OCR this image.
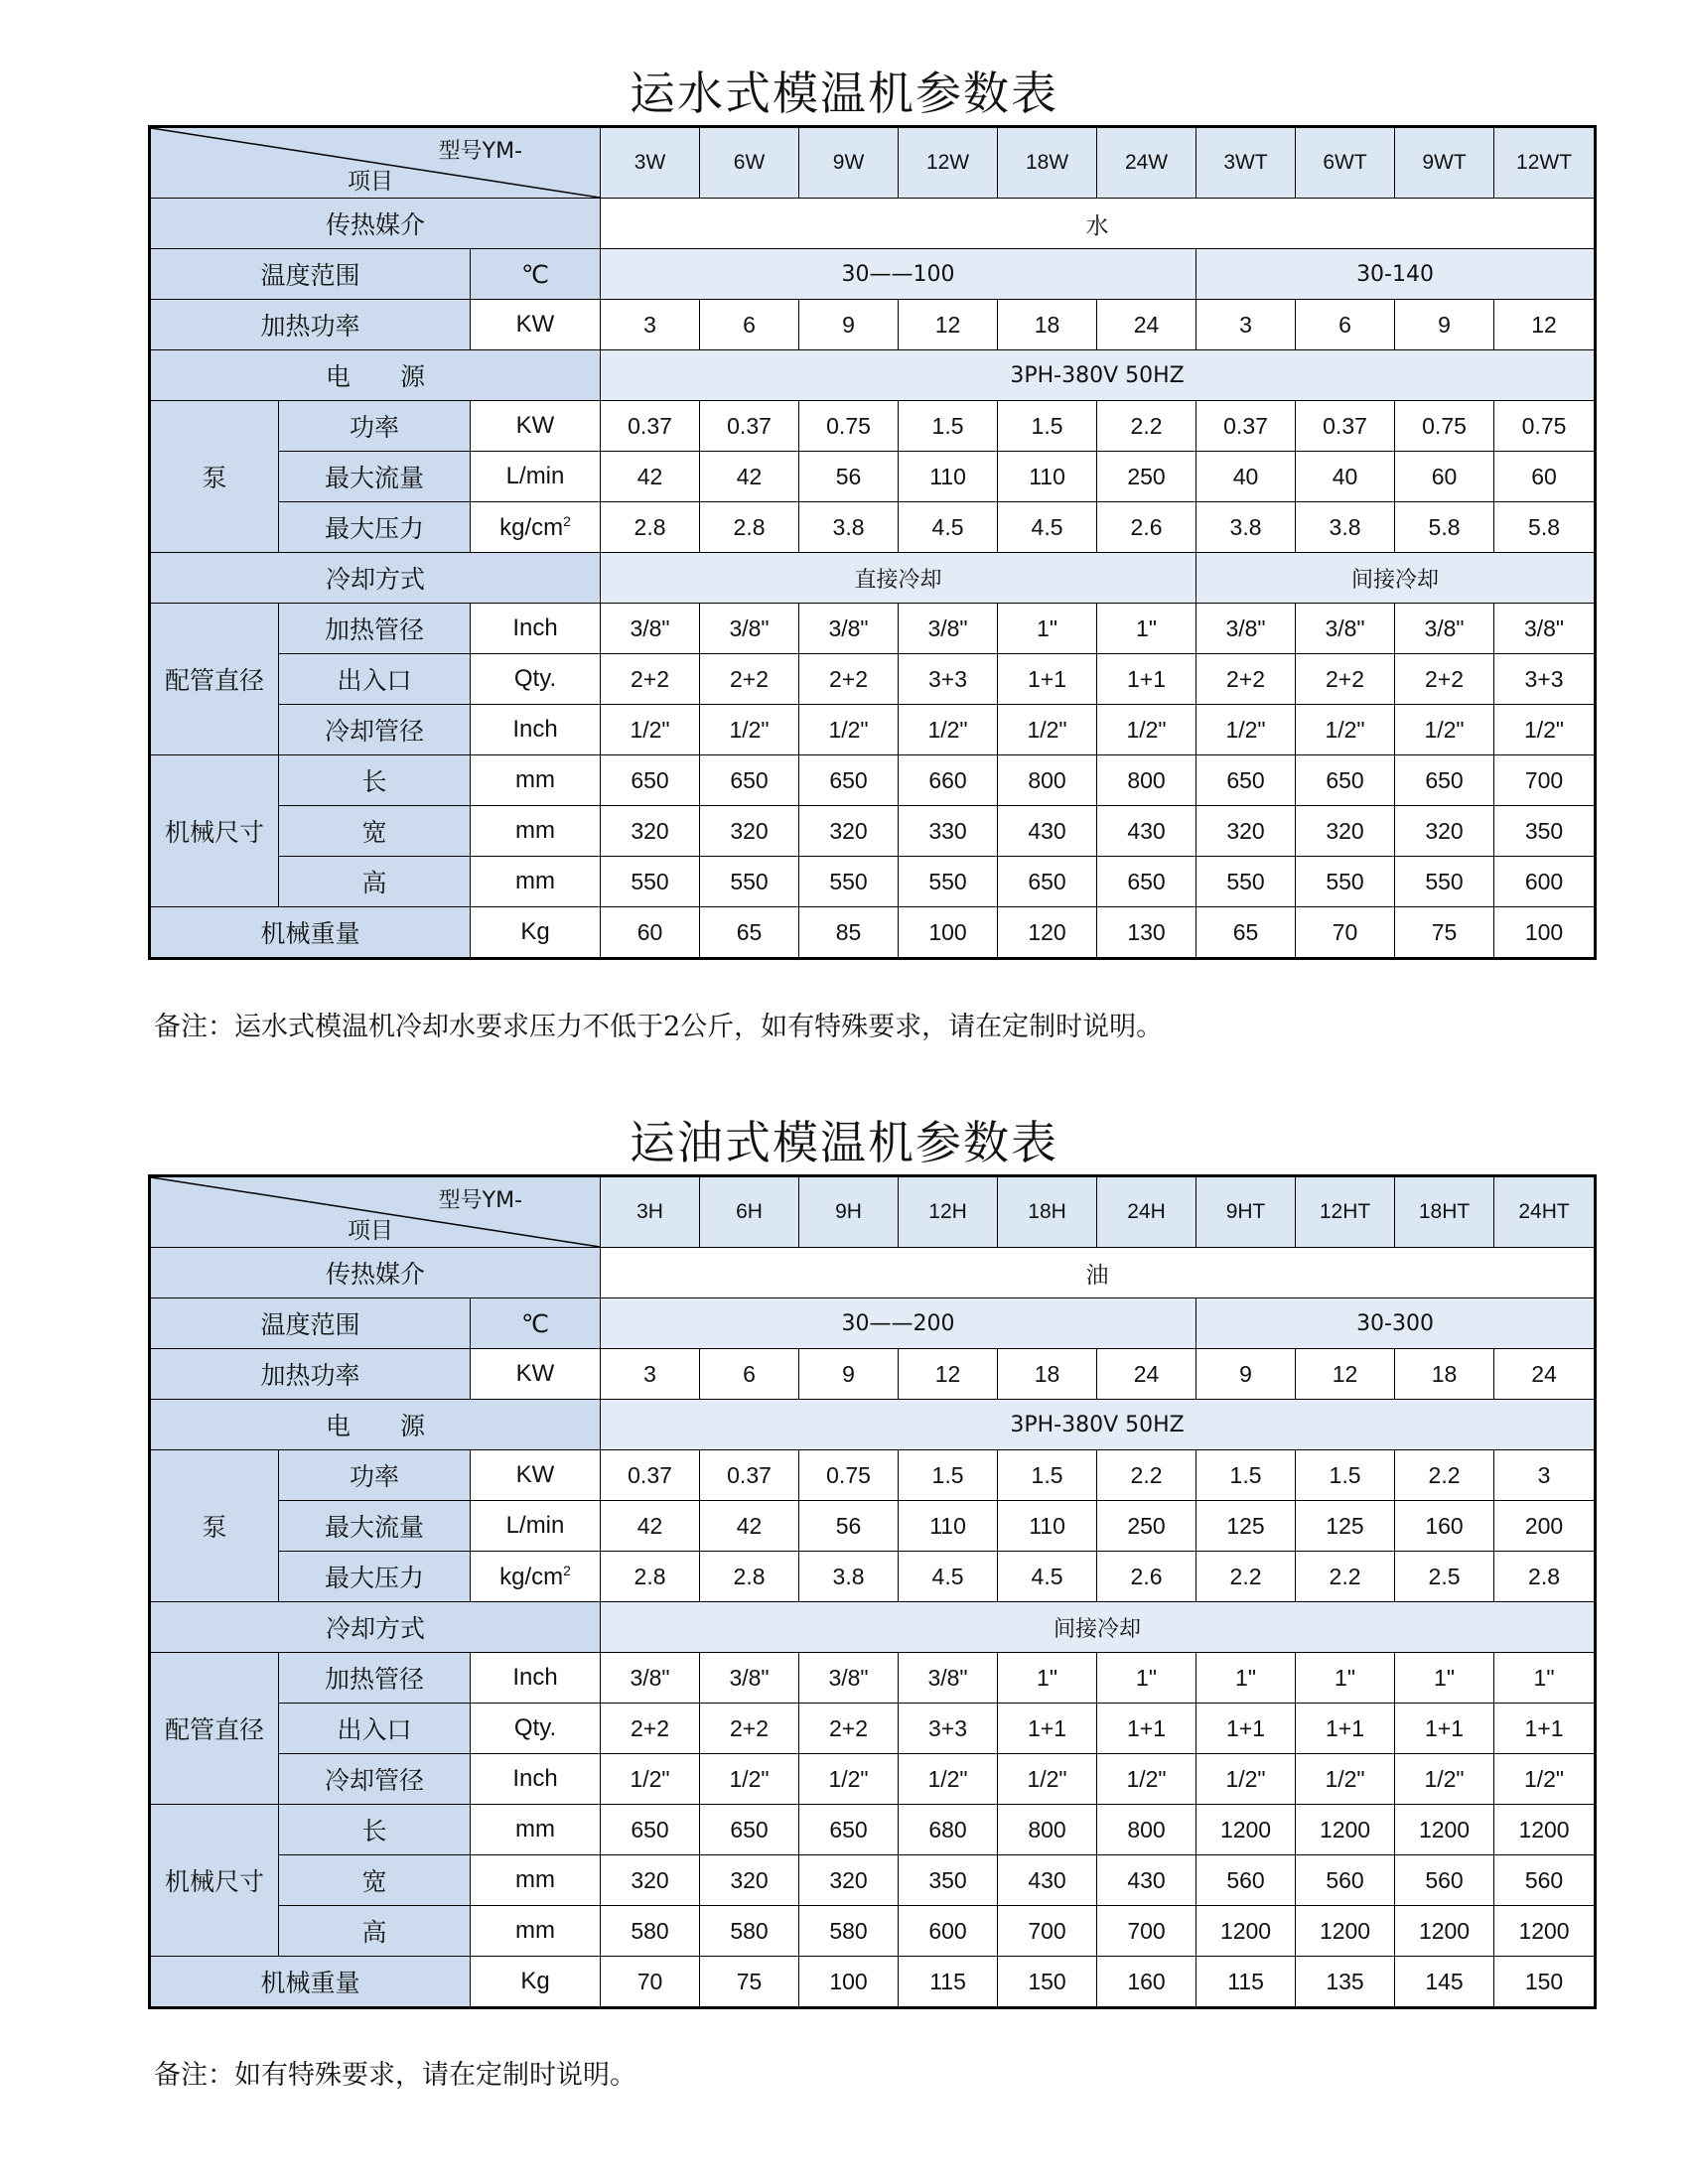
运水式模温机参数表
型号YM-
项目			3W	6W	9W	12W	18W	24W	3WT	6WT	9WT	12WT
传热媒介			水									
温度范围		℃	30——100						30-140			
加热功率		KW	3	6	9	12	18	24	3	6	9	12
电　　源			3PH-380V 50HZ									
泵	功率	KW	0.37	0.37	0.75	1.5	1.5	2.2	0.37	0.37	0.75	0.75
	最大流量	L/min	42	42	56	110	110	250	40	40	60	60
	最大压力	$kg/cm^2$	2.8	2.8	3.8	4.5	4.5	2.6	3.8	3.8	5.8	5.8
冷却方式			直接冷却						间接冷却			
配管直径	加热管径	Inch	3/8"	3/8"	3/8"	3/8"	1"	1"	3/8"	3/8"	3/8"	3/8"
	出入口	Qty.	2+2	2+2	2+2	3+3	1+1	1+1	2+2	2+2	2+2	3+3
	冷却管径	Inch	1/2"	1/2"	1/2"	1/2"	1/2"	1/2"	1/2"	1/2"	1/2"	1/2"
机械尺寸	长	mm	650	650	650	660	800	800	650	650	650	700
	宽	mm	320	320	320	330	430	430	320	320	320	350
	高	mm	550	550	550	550	650	650	550	550	550	600
机械重量		Kg	60	65	85	100	120	130	65	70	75	100
备注：运水式模温机冷却水要求压力不低于2公斤，如有特殊要求，请在定制时说明。
运油式模温机参数表
型号YM-
项目			3H	6H	9H	12H	18H	24H	9HT	12HT	18HT	24HT
传热媒介			油									
温度范围		℃	30——200						30-300			
加热功率		KW	3	6	9	12	18	24	9	12	18	24
电　　源			3PH-380V 50HZ									
泵	功率	KW	0.37	0.37	0.75	1.5	1.5	2.2	1.5	1.5	2.2	3
	最大流量	L/min	42	42	56	110	110	250	125	125	160	200
	最大压力	$kg/cm^2$	2.8	2.8	3.8	4.5	4.5	2.6	2.2	2.2	2.5	2.8
冷却方式			间接冷却									
配管直径	加热管径	Inch	3/8"	3/8"	3/8"	3/8"	1"	1"	1"	1"	1"	1"
	出入口	Qty.	2+2	2+2	2+2	3+3	1+1	1+1	1+1	1+1	1+1	1+1
	冷却管径	Inch	1/2"	1/2"	1/2"	1/2"	1/2"	1/2"	1/2"	1/2"	1/2"	1/2"
机械尺寸	长	mm	650	650	650	680	800	800	1200	1200	1200	1200
	宽	mm	320	320	320	350	430	430	560	560	560	560
	高	mm	580	580	580	600	700	700	1200	1200	1200	1200
机械重量		Kg	70	75	100	115	150	160	115	135	145	150
备注：如有特殊要求，请在定制时说明。
